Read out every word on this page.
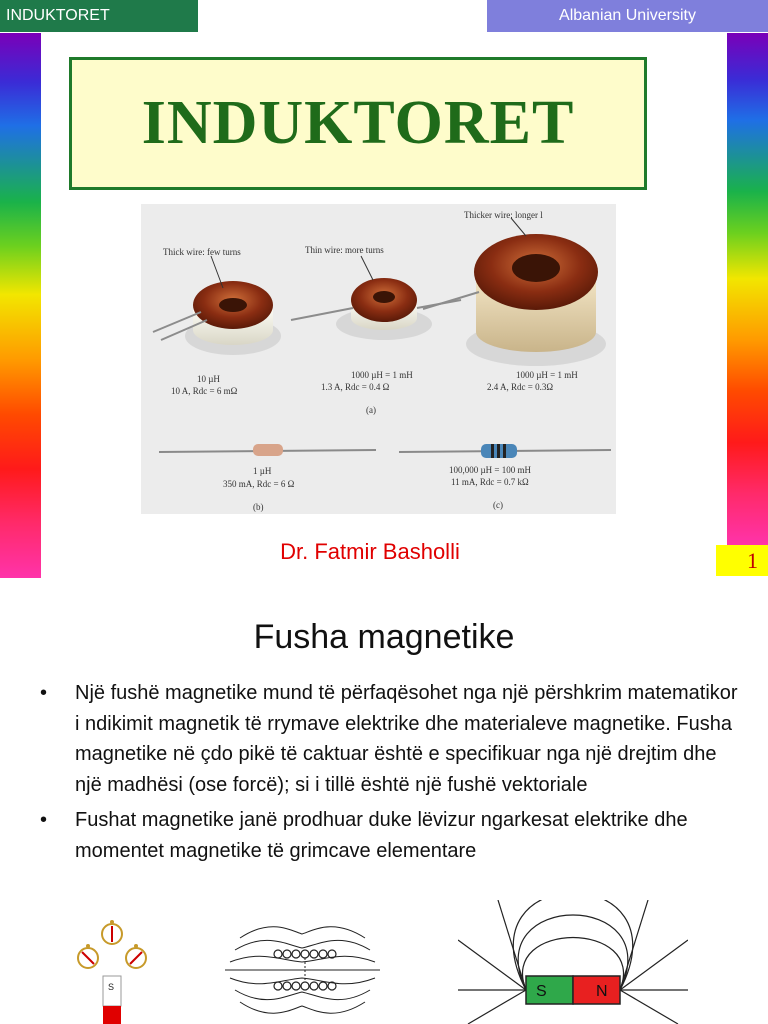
INDUKTORET	Albanian University
INDUKTORET
Thick wire: few turns	Thin wire: more turns
Thicker wire: longer l
10 µH
10 A, Rdc = 6 mΩ
1000 µH = 1 mH
1.3 A, Rdc = 0.4 Ω
1000 µH = 1 mH
2.4 A, Rdc = 0.3Ω
(a)
1 µH
350 mA, Rdc = 6 Ω
(b)
100,000 µH = 100 mH
11 mA, Rdc = 0.7 kΩ
(c)
Dr. Fatmir Basholli	1
Fusha magnetike
•	Një fushë magnetike mund të përfaqësohet nga një përshkrim matematikor i ndikimit magnetik të rrymave elektrike dhe materialeve magnetike. Fusha magnetike në çdo pikë të caktuar është e specifikuar nga një drejtim dhe një madhësi (ose forcë); si i tillë është një fushë vektoriale
•	Fushat magnetike janë prodhuar duke lëvizur ngarkesat elektrike dhe momentet magnetike të grimcave elementare
S	S	N
